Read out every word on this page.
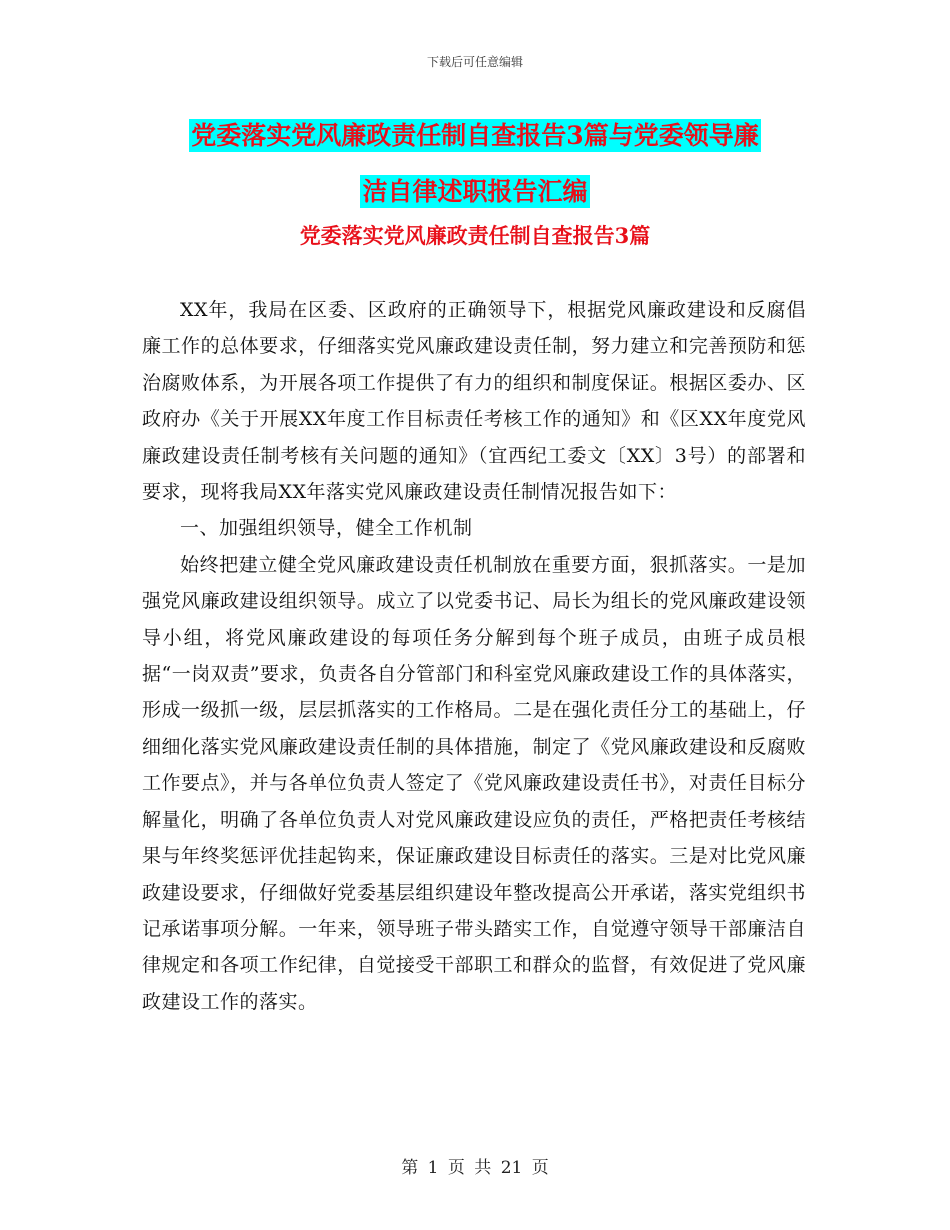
下载后可任意编辑
党委落实党风廉政责任制自查报告3篇与党委领导廉
洁自律述职报告汇编
党委落实党风廉政责任制自查报告3篇

XX年，我局在区委、区政府的正确领导下，根据党风廉政建设和反腐倡廉工作的总体要求，仔细落实党风廉政建设责任制，努力建立和完善预防和惩治腐败体系，为开展各项工作提供了有力的组织和制度保证。根据区委办、区政府办《关于开展XX年度工作目标责任考核工作的通知》和《区XX年度党风廉政建设责任制考核有关问题的通知》（宜西纪工委文〔XX〕3号）的部署和要求，现将我局XX年落实党风廉政建设责任制情况报告如下：

一、加强组织领导，健全工作机制

始终把建立健全党风廉政建设责任机制放在重要方面，狠抓落实。一是加强党风廉政建设组织领导。成立了以党委书记、局长为组长的党风廉政建设领导小组，将党风廉政建设的每项任务分解到每个班子成员，由班子成员根据“一岗双责”要求，负责各自分管部门和科室党风廉政建设工作的具体落实，形成一级抓一级，层层抓落实的工作格局。二是在强化责任分工的基础上，仔细细化落实党风廉政建设责任制的具体措施，制定了《党风廉政建设和反腐败工作要点》，并与各单位负责人签定了《党风廉政建设责任书》，对责任目标分解量化，明确了各单位负责人对党风廉政建设应负的责任，严格把责任考核结果与年终奖惩评优挂起钩来，保证廉政建设目标责任的落实。三是对比党风廉政建设要求，仔细做好党委基层组织建设年整改提高公开承诺，落实党组织书记承诺事项分解。一年来，领导班子带头踏实工作，自觉遵守领导干部廉洁自律规定和各项工作纪律，自觉接受干部职工和群众的监督，有效促进了党风廉政建设工作的落实。

第 1 页 共 21 页
